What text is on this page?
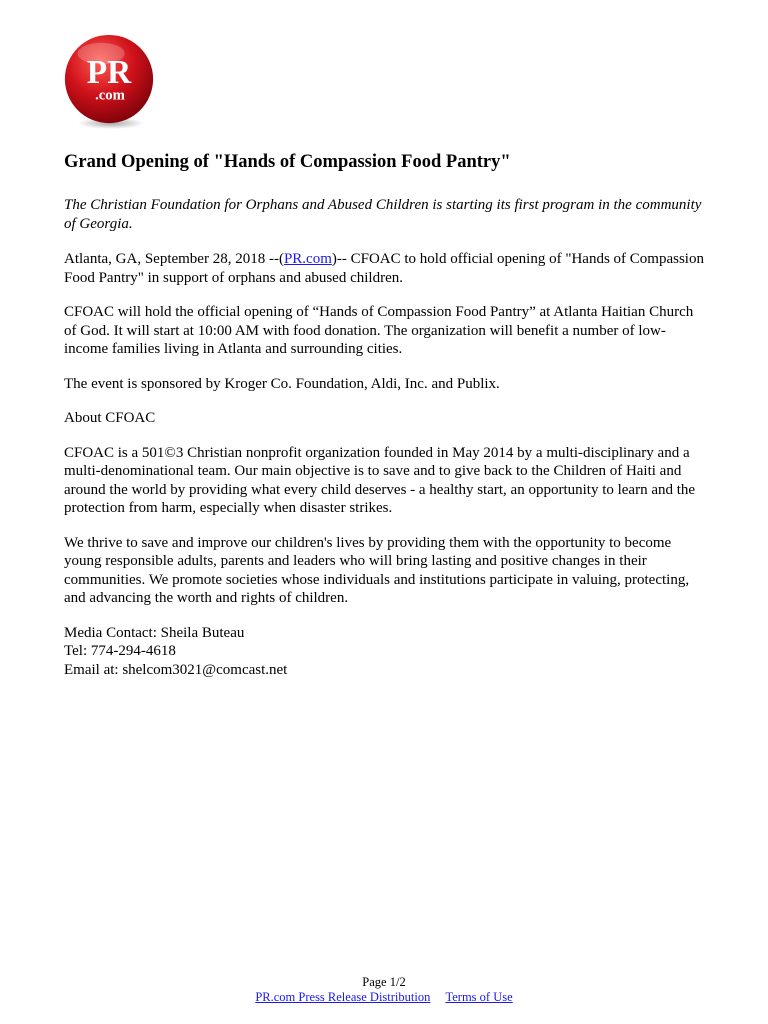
PR
.com
Grand Opening of "Hands of Compassion Food Pantry"

The Christian Foundation for Orphans and Abused Children is starting its first program in the community of Georgia.

Atlanta, GA, September 28, 2018 --(PR.com)-- CFOAC to hold official opening of "Hands of Compassion Food Pantry" in support of orphans and abused children.

CFOAC will hold the official opening of “Hands of Compassion Food Pantry” at Atlanta Haitian Church of God. It will start at 10:00 AM with food donation. The organization will benefit a number of low-income families living in Atlanta and surrounding cities.

The event is sponsored by Kroger Co. Foundation, Aldi, Inc. and Publix.

About CFOAC

CFOAC is a 501©3 Christian nonprofit organization founded in May 2014 by a multi-disciplinary and a multi-denominational team. Our main objective is to save and to give back to the Children of Haiti and around the world by providing what every child deserves - a healthy start, an opportunity to learn and the protection from harm, especially when disaster strikes.

We thrive to save and improve our children's lives by providing them with the opportunity to become young responsible adults, parents and leaders who will bring lasting and positive changes in their communities. We promote societies whose individuals and institutions participate in valuing, protecting, and advancing the worth and rights of children.

Media Contact: Sheila Buteau
Tel: 774-294-4618
Email at: shelcom3021@comcast.net

Page 1/2
PR.com Press Release Distribution Terms of Use
